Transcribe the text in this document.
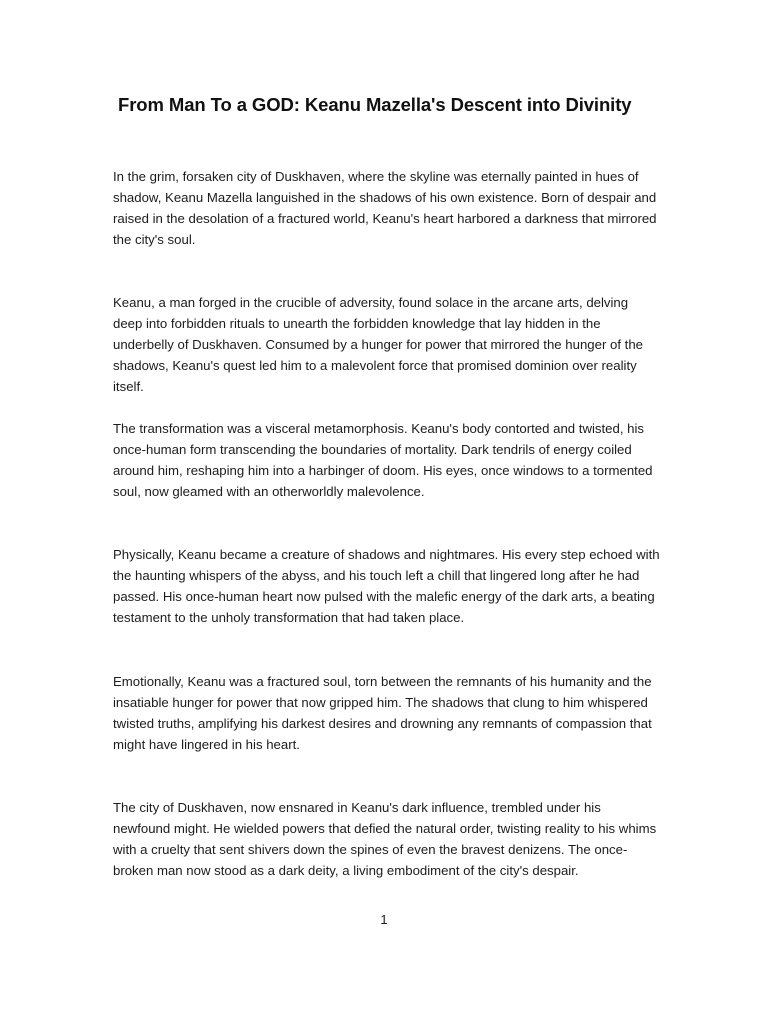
From Man To a GOD: Keanu Mazella's Descent into Divinity

In the grim, forsaken city of Duskhaven, where the skyline was eternally painted in hues of shadow, Keanu Mazella languished in the shadows of his own existence. Born of despair and raised in the desolation of a fractured world, Keanu's heart harbored a darkness that mirrored the city's soul.

Keanu, a man forged in the crucible of adversity, found solace in the arcane arts, delving deep into forbidden rituals to unearth the forbidden knowledge that lay hidden in the underbelly of Duskhaven. Consumed by a hunger for power that mirrored the hunger of the shadows, Keanu's quest led him to a malevolent force that promised dominion over reality itself.

The transformation was a visceral metamorphosis. Keanu's body contorted and twisted, his once-human form transcending the boundaries of mortality. Dark tendrils of energy coiled around him, reshaping him into a harbinger of doom. His eyes, once windows to a tormented soul, now gleamed with an otherworldly malevolence.

Physically, Keanu became a creature of shadows and nightmares. His every step echoed with the haunting whispers of the abyss, and his touch left a chill that lingered long after he had passed. His once-human heart now pulsed with the malefic energy of the dark arts, a beating testament to the unholy transformation that had taken place.

Emotionally, Keanu was a fractured soul, torn between the remnants of his humanity and the insatiable hunger for power that now gripped him. The shadows that clung to him whispered twisted truths, amplifying his darkest desires and drowning any remnants of compassion that might have lingered in his heart.

The city of Duskhaven, now ensnared in Keanu's dark influence, trembled under his newfound might. He wielded powers that defied the natural order, twisting reality to his whims with a cruelty that sent shivers down the spines of even the bravest denizens. The once-broken man now stood as a dark deity, a living embodiment of the city's despair.

1
